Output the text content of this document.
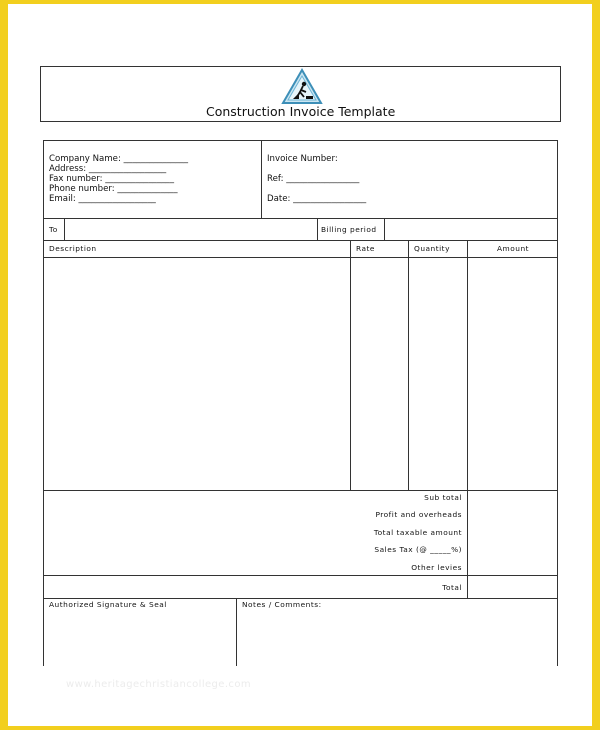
Construction Invoice Template
Company Name: _______________
Address: __________________
Fax number: ________________
Phone number: ______________
Email: __________________
Invoice Number:
Ref: _________________
Date: _________________
To	Billing period
Description	Rate	Quantity	Amount
Sub total
Profit and overheads
Total taxable amount
Sales Tax (@ _____%)
Other levies
Total
Authorized Signature & Seal	Notes / Comments:
www.heritagechristiancollege.com
